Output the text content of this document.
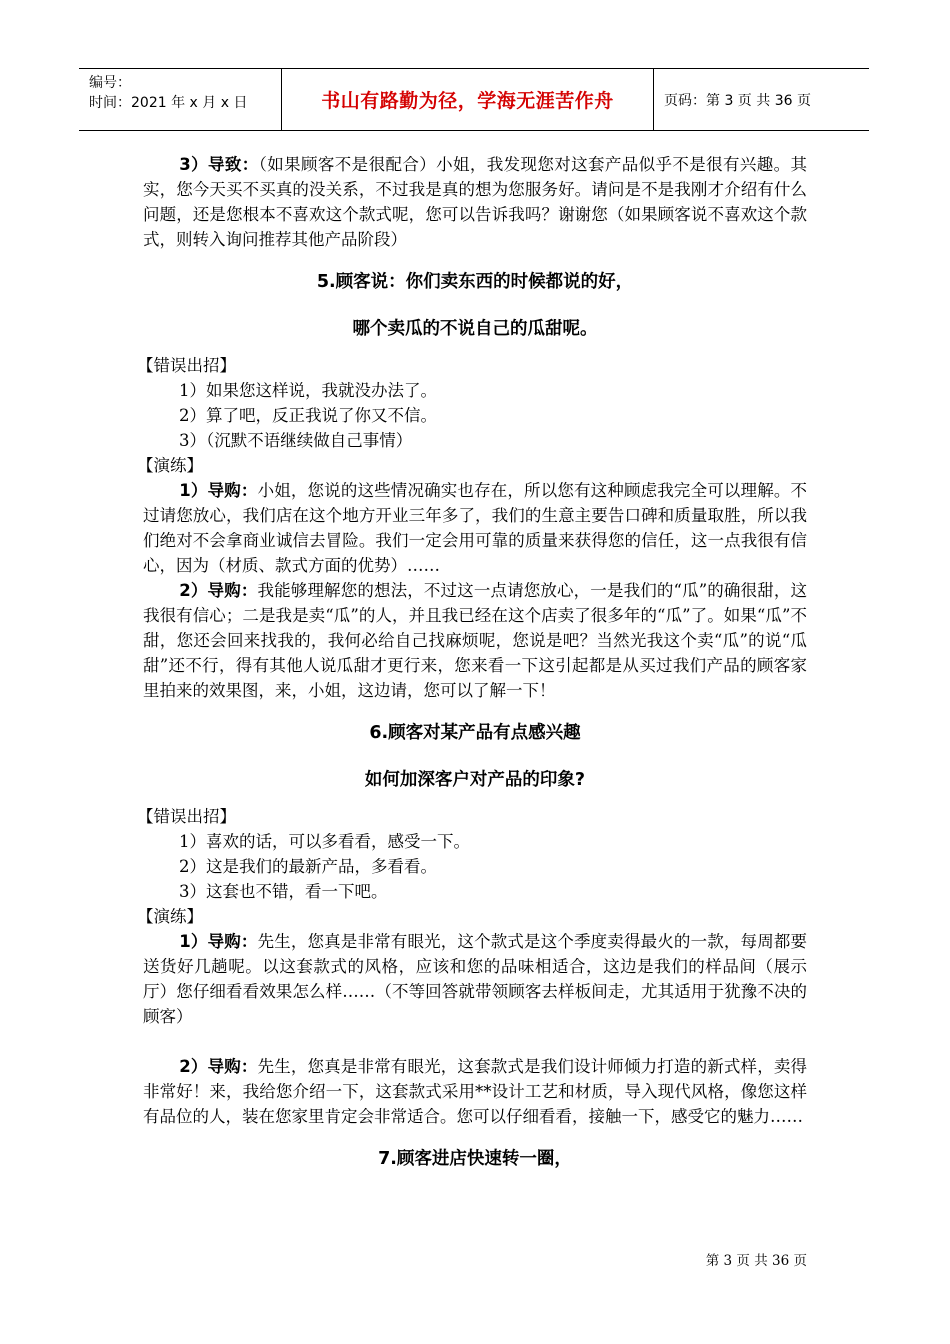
编号：
时间：2021 年 x 月 x 日	书山有路勤为径，学海无涯苦作舟	页码：第 3 页 共 36 页

3）导致：（如果顾客不是很配合）小姐，我发现您对这套产品似乎不是很有兴趣。其实，您今天买不买真的没关系，不过我是真的想为您服务好。请问是不是我刚才介绍有什么问题，还是您根本不喜欢这个款式呢，您可以告诉我吗？谢谢您（如果顾客说不喜欢这个款式，则转入询问推荐其他产品阶段）

5.顾客说：你们卖东西的时候都说的好，
哪个卖瓜的不说自己的瓜甜呢。

【错误出招】

1）如果您这样说，我就没办法了。

2）算了吧，反正我说了你又不信。

3）（沉默不语继续做自己事情）

【演练】

1）导购：小姐，您说的这些情况确实也存在，所以您有这种顾虑我完全可以理解。不过请您放心，我们店在这个地方开业三年多了，我们的生意主要告口碑和质量取胜，所以我们绝对不会拿商业诚信去冒险。我们一定会用可靠的质量来获得您的信任，这一点我很有信心，因为（材质、款式方面的优势）……

2）导购：我能够理解您的想法，不过这一点请您放心，一是我们的“瓜”的确很甜，这我很有信心；二是我是卖“瓜”的人，并且我已经在这个店卖了很多年的“瓜”了。如果“瓜”不甜，您还会回来找我的，我何必给自己找麻烦呢，您说是吧？当然光我这个卖“瓜”的说“瓜甜”还不行，得有其他人说瓜甜才更行来，您来看一下这引起都是从买过我们产品的顾客家里拍来的效果图，来，小姐，这边请，您可以了解一下！

6.顾客对某产品有点感兴趣
如何加深客户对产品的印象?

【错误出招】

1）喜欢的话，可以多看看，感受一下。

2）这是我们的最新产品，多看看。

3）这套也不错，看一下吧。

【演练】

1）导购：先生，您真是非常有眼光，这个款式是这个季度卖得最火的一款，每周都要送货好几趟呢。以这套款式的风格，应该和您的品味相适合，这边是我们的样品间（展示厅）您仔细看看效果怎么样……（不等回答就带领顾客去样板间走，尤其适用于犹豫不决的顾客）

2）导购：先生，您真是非常有眼光，这套款式是我们设计师倾力打造的新式样，卖得非常好！来，我给您介绍一下，这套款式采用**设计工艺和材质，导入现代风格，像您这样有品位的人，装在您家里肯定会非常适合。您可以仔细看看，接触一下，感受它的魅力……

7.顾客进店快速转一圈，
第 3 页 共 36 页
